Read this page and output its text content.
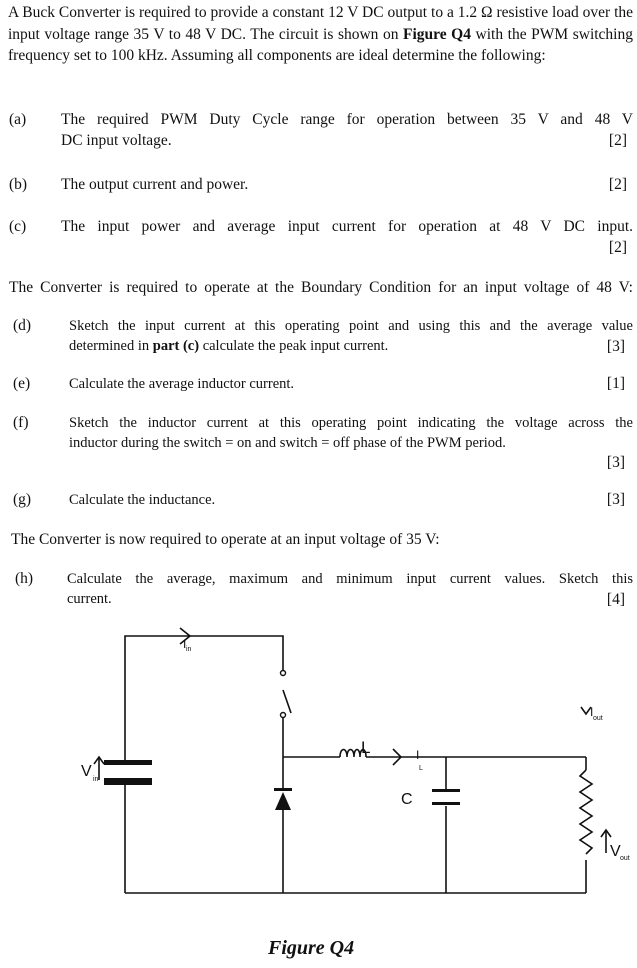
A Buck Converter is required to provide a constant 12 V DC output to a 1.2 Ω resistive load over the input voltage range 35 V to 48 V DC. The circuit is shown on Figure Q4 with the PWM switching frequency set to 100 kHz. Assuming all components are ideal determine the following:
(a) The required PWM Duty Cycle range for operation between 35 V and 48 V
DC input voltage.	[2]
(b) The output current and power.	[2]
(c) The input power and average input current for operation at 48 V DC input.
[2]
The Converter is required to operate at the Boundary Condition for an input voltage of 48 V:
(d)	Sketch the input current at this operating point and using this and the average value
determined in part (c) calculate the peak input current.	[3]
(e)	Calculate the average inductor current.	[1]
(f)	Sketch the inductor current at this operating point indicating the voltage across the
inductor during the switch = on and switch = off phase of the PWM period.
[3]
(g)	Calculate the inductance.	[3]
The Converter is now required to operate at an input voltage of 35 V:
(h) Calculate the average, maximum and minimum input current values. Sketch this
current.	[4]
I in
V in
L	I
L
C
I out
V out
Figure Q4
